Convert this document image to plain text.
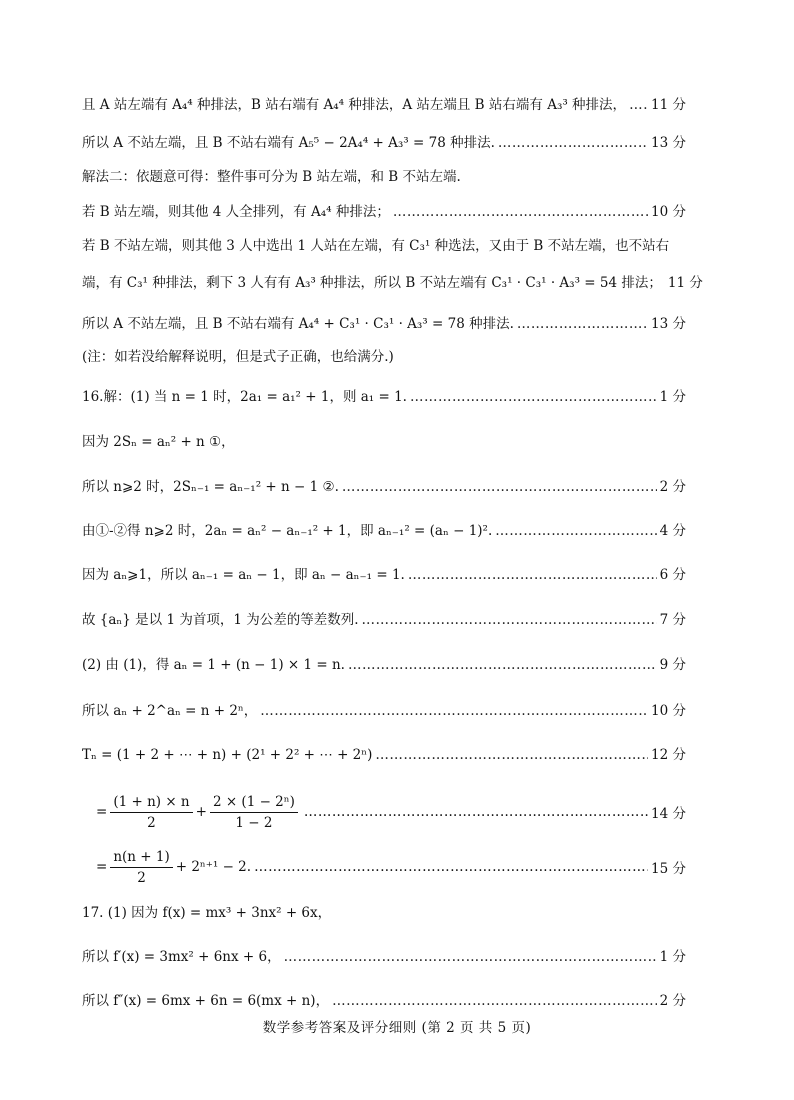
且 A 站左端有 A₄⁴ 种排法，B 站右端有 A₄⁴ 种排法，A 站左端且 B 站右端有 A₃³ 种排法， …………………………………………………………………………………………………………………………………………………… 11 分
所以 A 不站左端，且 B 不站右端有 A₅⁵ − 2A₄⁴ + A₃³ = 78 种排法. ……………………………………………………………………………………………………………………………………………………	13 分
解法二：依题意可得：整件事可分为 B 站左端，和 B 不站左端.
若 B 站左端，则其他 4 人全排列，有 A₄⁴ 种排法； ……………………………………………………………………………………………………………………………………………………	10 分
若 B 不站左端，则其他 3 人中选出 1 人站在左端，有 C₃¹ 种选法，又由于 B 不站左端，也不站右
端，有 C₃¹ 种排法，剩下 3 人有有 A₃³ 种排法，所以 B 不站左端有 C₃¹ · C₃¹ · A₃³ = 54 排法； 11 分
所以 A 不站左端，且 B 不站右端有 A₄⁴ + C₃¹ · C₃¹ · A₃³ = 78 种排法. ……………………………………………………………………………………………………………………………………………………	13 分
(注：如若没给解释说明，但是式子正确，也给满分.)
16.解：(1) 当 n = 1 时，2a₁ = a₁² + 1，则 a₁ = 1. ……………………………………………………………………………………………………………………………………………………	1 分
因为 2Sₙ = aₙ² + n ①，
所以 n⩾2 时，2Sₙ₋₁ = aₙ₋₁² + n − 1 ②. ……………………………………………………………………………………………………………………………………………………	2 分
由①-②得 n⩾2 时，2aₙ = aₙ² − aₙ₋₁² + 1，即 aₙ₋₁² = (aₙ − 1)². ……………………………………………………………………………………………………………………………………………………	4 分
因为 aₙ⩾1，所以 aₙ₋₁ = aₙ − 1，即 aₙ − aₙ₋₁ = 1. ……………………………………………………………………………………………………………………………………………………	6 分
故 {aₙ} 是以 1 为首项，1 为公差的等差数列. ……………………………………………………………………………………………………………………………………………………	7 分
(2) 由 (1)，得 aₙ = 1 + (n − 1) × 1 = n. ……………………………………………………………………………………………………………………………………………………	9 分
所以 aₙ + 2^aₙ = n + 2ⁿ， ……………………………………………………………………………………………………………………………………………………	10 分
Tₙ = (1 + 2 + ⋯ + n) + (2¹ + 2² + ⋯ + 2ⁿ) ……………………………………………………………………………………………………………………………………………………	12 分
= $\frac{(1 + n) \times n}{2} + \frac{\text{2 × (1 − 2ⁿ)}}{1 - 2}$ ……………………………………………………………………………………………………………………………………………………	14 分
= $\frac{n(n + 1)}{2} + 2^{n+1} - 2$. ……………………………………………………………………………………………………………………………………………………	15 分
17. (1) 因为 f(x) = mx³ + 3nx² + 6x，
所以 f′(x) = 3mx² + 6nx + 6， ……………………………………………………………………………………………………………………………………………………	1 分
所以 f″(x) = 6mx + 6n = 6(mx + n)， ……………………………………………………………………………………………………………………………………………………	2 分
数学参考答案及评分细则 (第 2 页 共 5 页)
